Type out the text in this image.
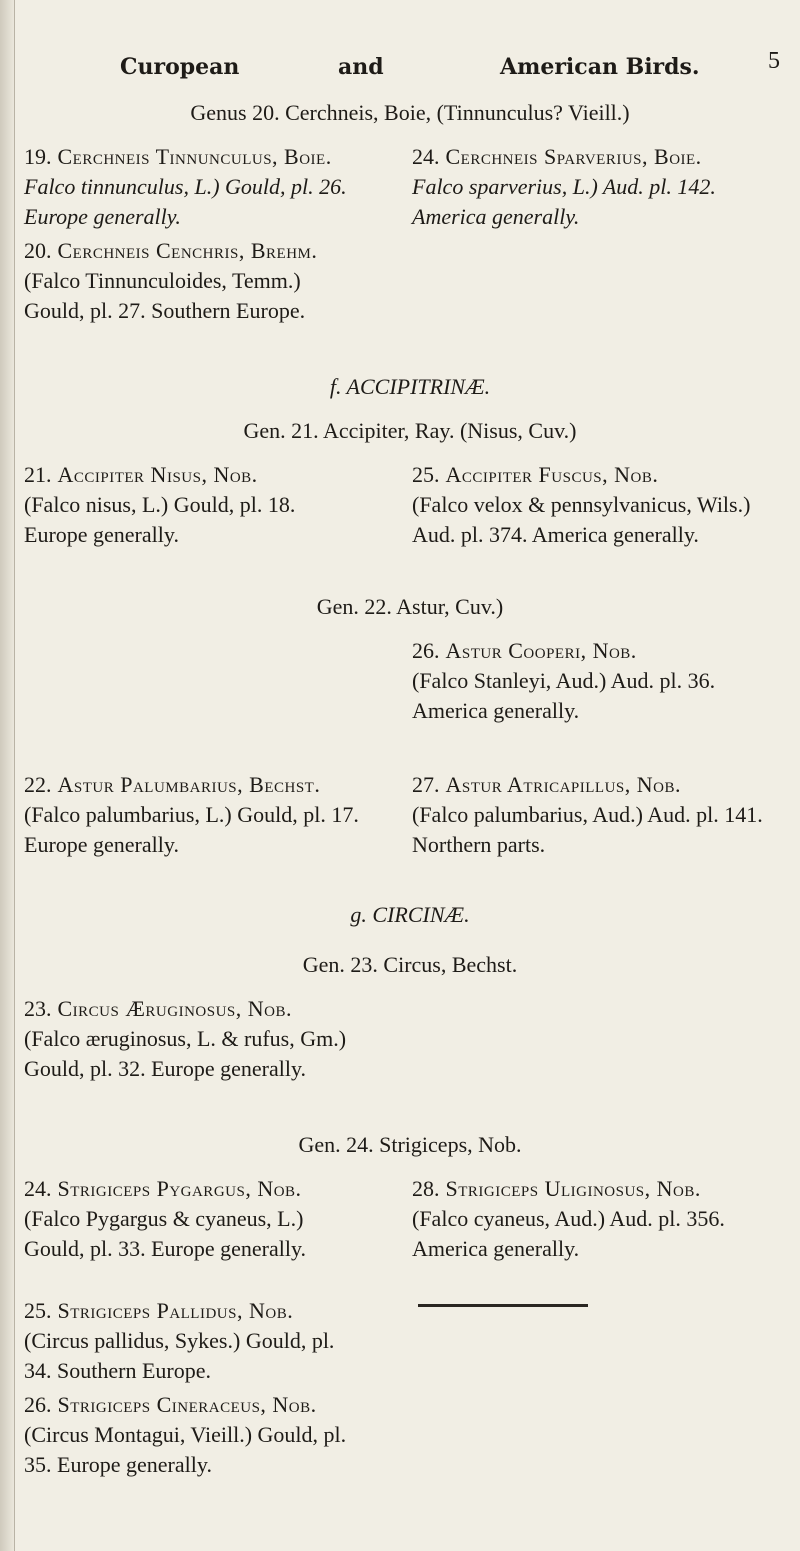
Curopean	and	American Birds.	5
Genus 20. Cerchneis, Boie, (Tinnunculus? Vieill.)
19. Cerchneis Tinnunculus, Boie.
Falco tinnunculus, L.) Gould, pl. 26. Europe generally.
24. Cerchneis Sparverius, Boie.
Falco sparverius, L.) Aud. pl. 142. America generally.
20. Cerchneis Cenchris, Brehm.
(Falco Tinnunculoides, Temm.) Gould, pl. 27. Southern Europe.
f. ACCIPITRINÆ.
Gen. 21. Accipiter, Ray. (Nisus, Cuv.)
21. Accipiter Nisus, Nob.
(Falco nisus, L.) Gould, pl. 18. Europe generally.
25. Accipiter Fuscus, Nob.
(Falco velox & pennsylvanicus, Wils.) Aud. pl. 374. America generally.
Gen. 22. Astur, Cuv.)
26. Astur Cooperi, Nob.
(Falco Stanleyi, Aud.) Aud. pl. 36. America generally.
22. Astur Palumbarius, Bechst.
(Falco palumbarius, L.) Gould, pl. 17. Europe generally.
27. Astur Atricapillus, Nob.
(Falco palumbarius, Aud.) Aud. pl. 141. Northern parts.
g. CIRCINÆ.
Gen. 23. Circus, Bechst.
23. Circus Æruginosus, Nob.
(Falco æruginosus, L. & rufus, Gm.) Gould, pl. 32. Europe generally.
Gen. 24. Strigiceps, Nob.
24. Strigiceps Pygargus, Nob.
(Falco Pygargus & cyaneus, L.) Gould, pl. 33. Europe generally.
28. Strigiceps Uliginosus, Nob.
(Falco cyaneus, Aud.) Aud. pl. 356. America generally.
25. Strigiceps Pallidus, Nob.
(Circus pallidus, Sykes.) Gould, pl. 34. Southern Europe.
26. Strigiceps Cineraceus, Nob.
(Circus Montagui, Vieill.) Gould, pl. 35. Europe generally.
